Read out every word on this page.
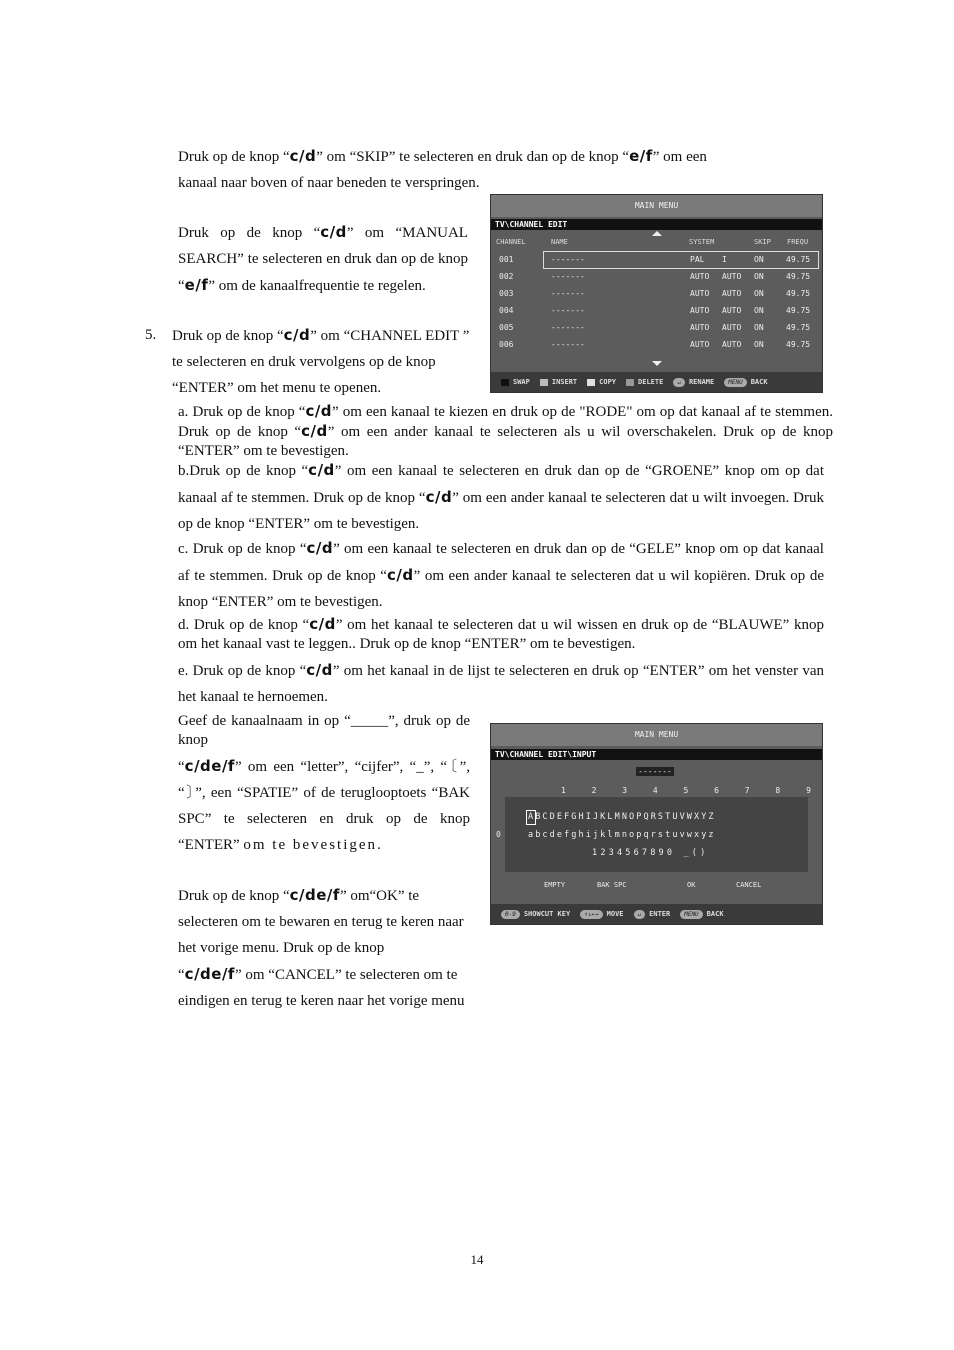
Druk op de knop “c/d” om “SKIP” te selecteren en druk dan op de knop “e/f” om een
kanaal naar boven of naar beneden te verspringen.

Druk op de knop “c/d” om “MANUAL SEARCH” te selecteren en druk dan op de knop “e/f” om de kanaalfrequentie te regelen.

5. Druk op de knop “c/d” om “CHANNEL EDIT ” te selecteren en druk vervolgens op de knop “ENTER” om het menu te openen.

a. Druk op de knop “c/d” om een kanaal te kiezen en druk op de "RODE" om op dat kanaal af te stemmen. Druk op de knop “c/d” om een ander kanaal te selecteren als u wil overschakelen. Druk op de knop “ENTER” om te bevestigen.

b.Druk op de knop “c/d” om een kanaal te selecteren en druk dan op de “GROENE” knop om op dat kanaal af te stemmen. Druk op de knop “c/d” om een ander kanaal te selecteren dat u wilt invoegen. Druk op de knop “ENTER” om te bevestigen.

c. Druk op de knop “c/d” om een kanaal te selecteren en druk dan op de “GELE” knop om op dat kanaal af te stemmen. Druk op de knop “c/d” om een ander kanaal te selecteren dat u wil kopiëren. Druk op de knop “ENTER” om te bevestigen.

d. Druk op de knop “c/d” om het kanaal te selecteren dat u wil wissen en druk op de “BLAUWE” knop om het kanaal vast te leggen.. Druk op de knop “ENTER” om te bevestigen.

e. Druk op de knop “c/d” om het kanaal in de lijst te selecteren en druk op “ENTER” om het venster van het kanaal te hernoemen.

Geef de kanaalnaam in op “_____”, druk op de knop

“c/de/f” om een “letter”, “cijfer”, “_”, “〔”, “〕”, een “SPATIE” of de teruglooptoets “BAK SPC” te selecteren en druk op de knop “ENTER” om te bevestigen.

Druk op de knop “c/de/f” om“OK” te selecteren om te bewaren en terug te keren naar het vorige menu. Druk op de knop
“c/de/f” om “CANCEL” te selecteren om te eindigen en terug te keren naar het vorige menu

MAIN MENU
TV\CHANNEL EDIT
CHANNEL	NAME	SYSTEM	SKIP FREQU
001	-------	PAL I	ON	49.75
002	-------	AUTO AUTO ON	49.75
003	-------	AUTO AUTO ON	49.75
004	-------	AUTO AUTO ON	49.75
005	-------	AUTO AUTO ON	49.75
006	-------	AUTO AUTO ON	49.75
SWAP	INSERT	COPY	DELETE	↵	RENAME	MENU	BACK
MAIN MENU
TV\CHANNEL EDIT\INPUT
-------
1 2 3 4 5 6 7 8 9
0
ABCDEFGHIJKLMNOPQRSTUVWXYZ
abcdefghijklmnopqrstuvwxyz
1234567890 _()
EMPTY	BAK SPC	OK	CANCEL
0-9	SHOWCUT KEY	↑↓←→	MOVE	↵	ENTER	MENU	BACK
14
